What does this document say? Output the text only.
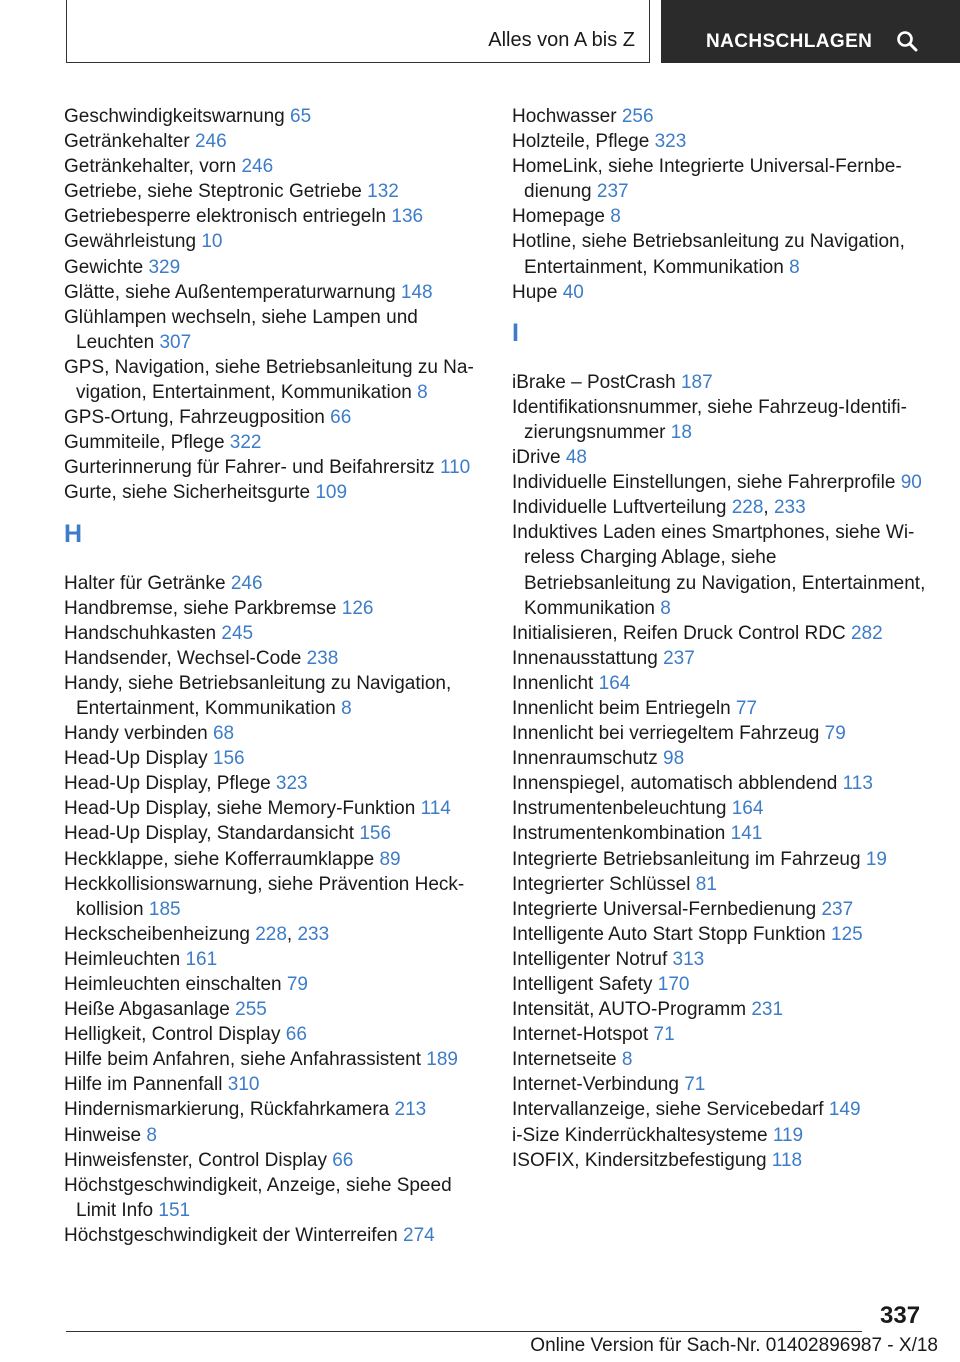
Alles von A bis Z	NACHSCHLAGEN
Geschwindigkeitswarnung 65
Getränkehalter 246
Getränkehalter, vorn 246
Getriebe, siehe Steptronic Getriebe 132
Getriebesperre elektronisch entriegeln 136
Gewährleistung 10
Gewichte 329
Glätte, siehe Außentemperaturwarnung 148
Glühlampen wechseln, siehe Lampen und
Leuchten 307
GPS, Navigation, siehe Betriebsanleitung zu Na-
vigation, Entertainment, Kommunikation 8
GPS-Ortung, Fahrzeugposition 66
Gummiteile, Pflege 322
Gurterinnerung für Fahrer- und Beifahrersitz 110
Gurte, siehe Sicherheitsgurte 109
H
Halter für Getränke 246
Handbremse, siehe Parkbremse 126
Handschuhkasten 245
Handsender, Wechsel-Code 238
Handy, siehe Betriebsanleitung zu Navigation,
Entertainment, Kommunikation 8
Handy verbinden 68
Head-Up Display 156
Head-Up Display, Pflege 323
Head-Up Display, siehe Memory-Funktion 114
Head-Up Display, Standardansicht 156
Heckklappe, siehe Kofferraumklappe 89
Heckkollisionswarnung, siehe Prävention Heck-
kollision 185
Heckscheibenheizung 228, 233
Heimleuchten 161
Heimleuchten einschalten 79
Heiße Abgasanlage 255
Helligkeit, Control Display 66
Hilfe beim Anfahren, siehe Anfahrassistent 189
Hilfe im Pannenfall 310
Hindernismarkierung, Rückfahrkamera 213
Hinweise 8
Hinweisfenster, Control Display 66
Höchstgeschwindigkeit, Anzeige, siehe Speed
Limit Info 151
Höchstgeschwindigkeit der Winterreifen 274
Hochwasser 256
Holzteile, Pflege 323
HomeLink, siehe Integrierte Universal-Fernbe-
dienung 237
Homepage 8
Hotline, siehe Betriebsanleitung zu Navigation,
Entertainment, Kommunikation 8
Hupe 40
I
iBrake – PostCrash 187
Identifikationsnummer, siehe Fahrzeug-Identifi-
zierungsnummer 18
iDrive 48
Individuelle Einstellungen, siehe Fahrerprofile 90
Individuelle Luftverteilung 228, 233
Induktives Laden eines Smartphones, siehe Wi-
reless Charging Ablage, siehe
Betriebsanleitung zu Navigation, Entertainment,
Kommunikation 8
Initialisieren, Reifen Druck Control RDC 282
Innenausstattung 237
Innenlicht 164
Innenlicht beim Entriegeln 77
Innenlicht bei verriegeltem Fahrzeug 79
Innenraumschutz 98
Innenspiegel, automatisch abblendend 113
Instrumentenbeleuchtung 164
Instrumentenkombination 141
Integrierte Betriebsanleitung im Fahrzeug 19
Integrierter Schlüssel 81
Integrierte Universal-Fernbedienung 237
Intelligente Auto Start Stopp Funktion 125
Intelligenter Notruf 313
Intelligent Safety 170
Intensität, AUTO-Programm 231
Internet-Hotspot 71
Internetseite 8
Internet-Verbindung 71
Intervallanzeige, siehe Servicebedarf 149
i-Size Kinderrückhaltesysteme 119
ISOFIX, Kindersitzbefestigung 118
337
Online Version für Sach-Nr. 01402896987 - X/18
